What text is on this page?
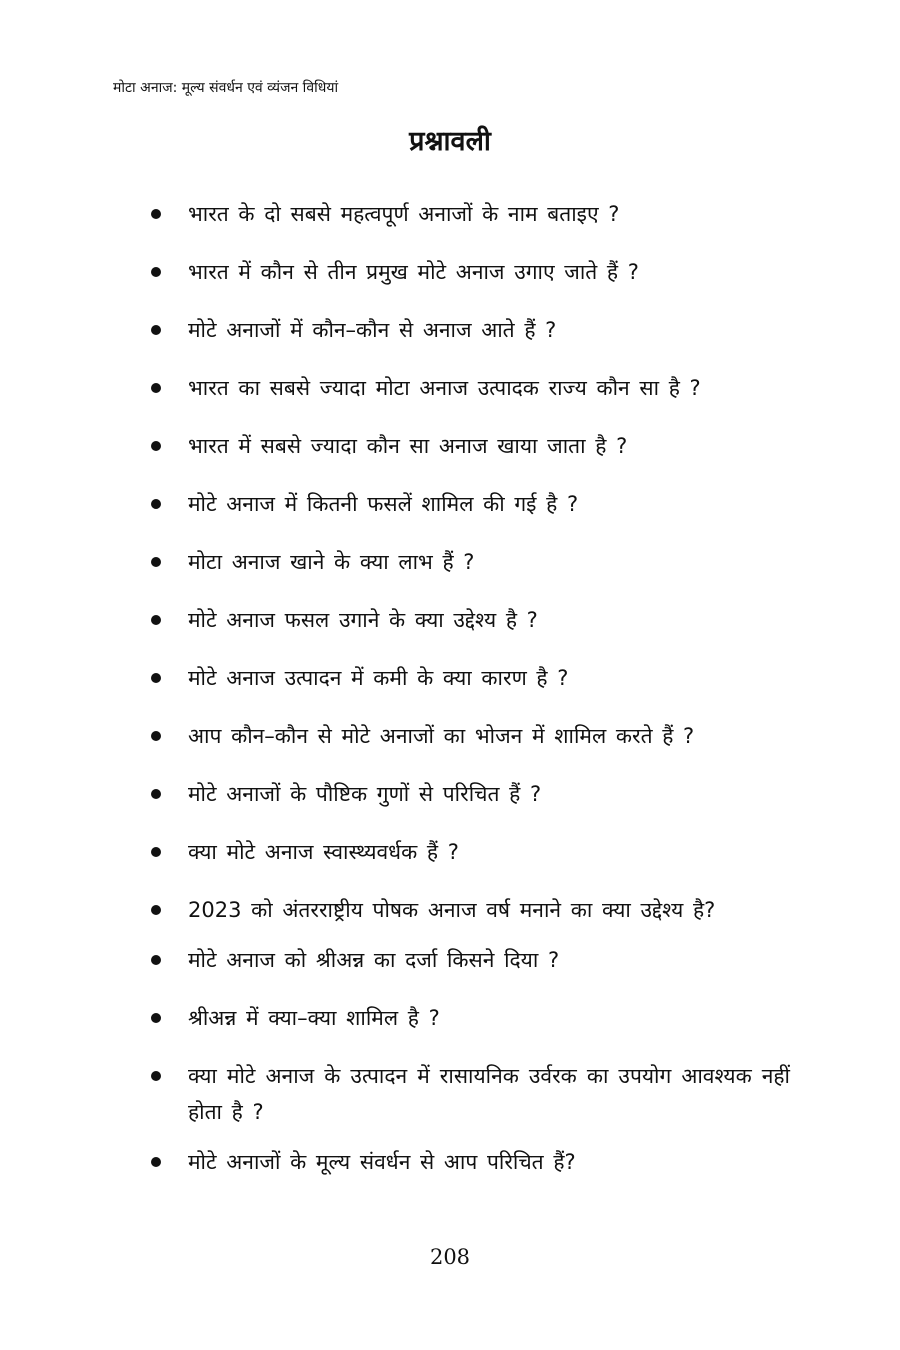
मोटा अनाज: मूल्य संवर्धन एवं व्यंजन विधियां
प्रश्नावली
भारत के दो सबसे महत्वपूर्ण अनाजों के नाम बताइए ?
भारत में कौन से तीन प्रमुख मोटे अनाज उगाए जाते हैं ?
मोटे अनाजों में कौन–कौन से अनाज आते हैं ?
भारत का सबसे ज्यादा मोटा अनाज उत्पादक राज्य कौन सा है ?
भारत में सबसे ज्यादा कौन सा अनाज खाया जाता है ?
मोटे अनाज में कितनी फसलें शामिल की गई है ?
मोटा अनाज खाने के क्या लाभ हैं ?
मोटे अनाज फसल उगाने के क्या उद्देश्य है ?
मोटे अनाज उत्पादन में कमी के क्या कारण है ?
आप कौन–कौन से मोटे अनाजों का भोजन में शामिल करते हैं ?
मोटे अनाजों के पौष्टिक गुणों से परिचित हैं ?
क्या मोटे अनाज स्वास्थ्यवर्धक हैं ?
2023 को अंतरराष्ट्रीय पोषक अनाज वर्ष मनाने का क्या उद्देश्य है?
मोटे अनाज को श्रीअन्न का दर्जा किसने दिया ?
श्रीअन्न में क्या–क्या शामिल है ?
क्या मोटे अनाज के उत्पादन में रासायनिक उर्वरक का उपयोग आवश्यक नहीं होता है ?
मोटे अनाजों के मूल्य संवर्धन से आप परिचित हैं?
208
